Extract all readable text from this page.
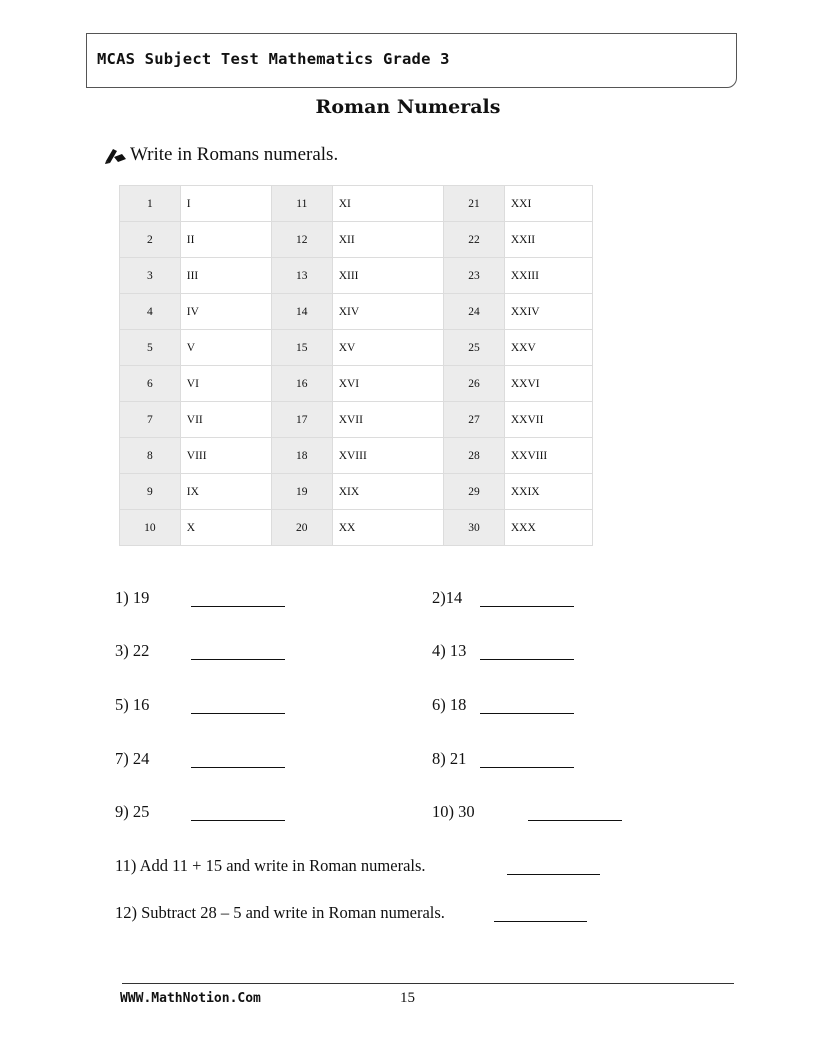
MCAS Subject Test Mathematics Grade 3
Roman Numerals
Write in Romans numerals.
1	I	11	XI	21	XXI
2	II	12	XII	22	XXII
3	III	13	XIII	23	XXIII
4	IV	14	XIV	24	XXIV
5	V	15	XV	25	XXV
6	VI	16	XVI	26	XXVI
7	VII	17	XVII	27	XXVII
8	VIII	18	XVIII	28	XXVIII
9	IX	19	XIX	29	XXIX
10	X	20	XX	30	XXX
1) 19	2)14
3) 22	4) 13
5) 16	6) 18
7) 24	8) 21
9) 25	10) 30
11) Add 11 + 15 and write in Roman numerals.
12) Subtract 28 – 5 and write in Roman numerals.
WWW.MathNotion.Com	15
